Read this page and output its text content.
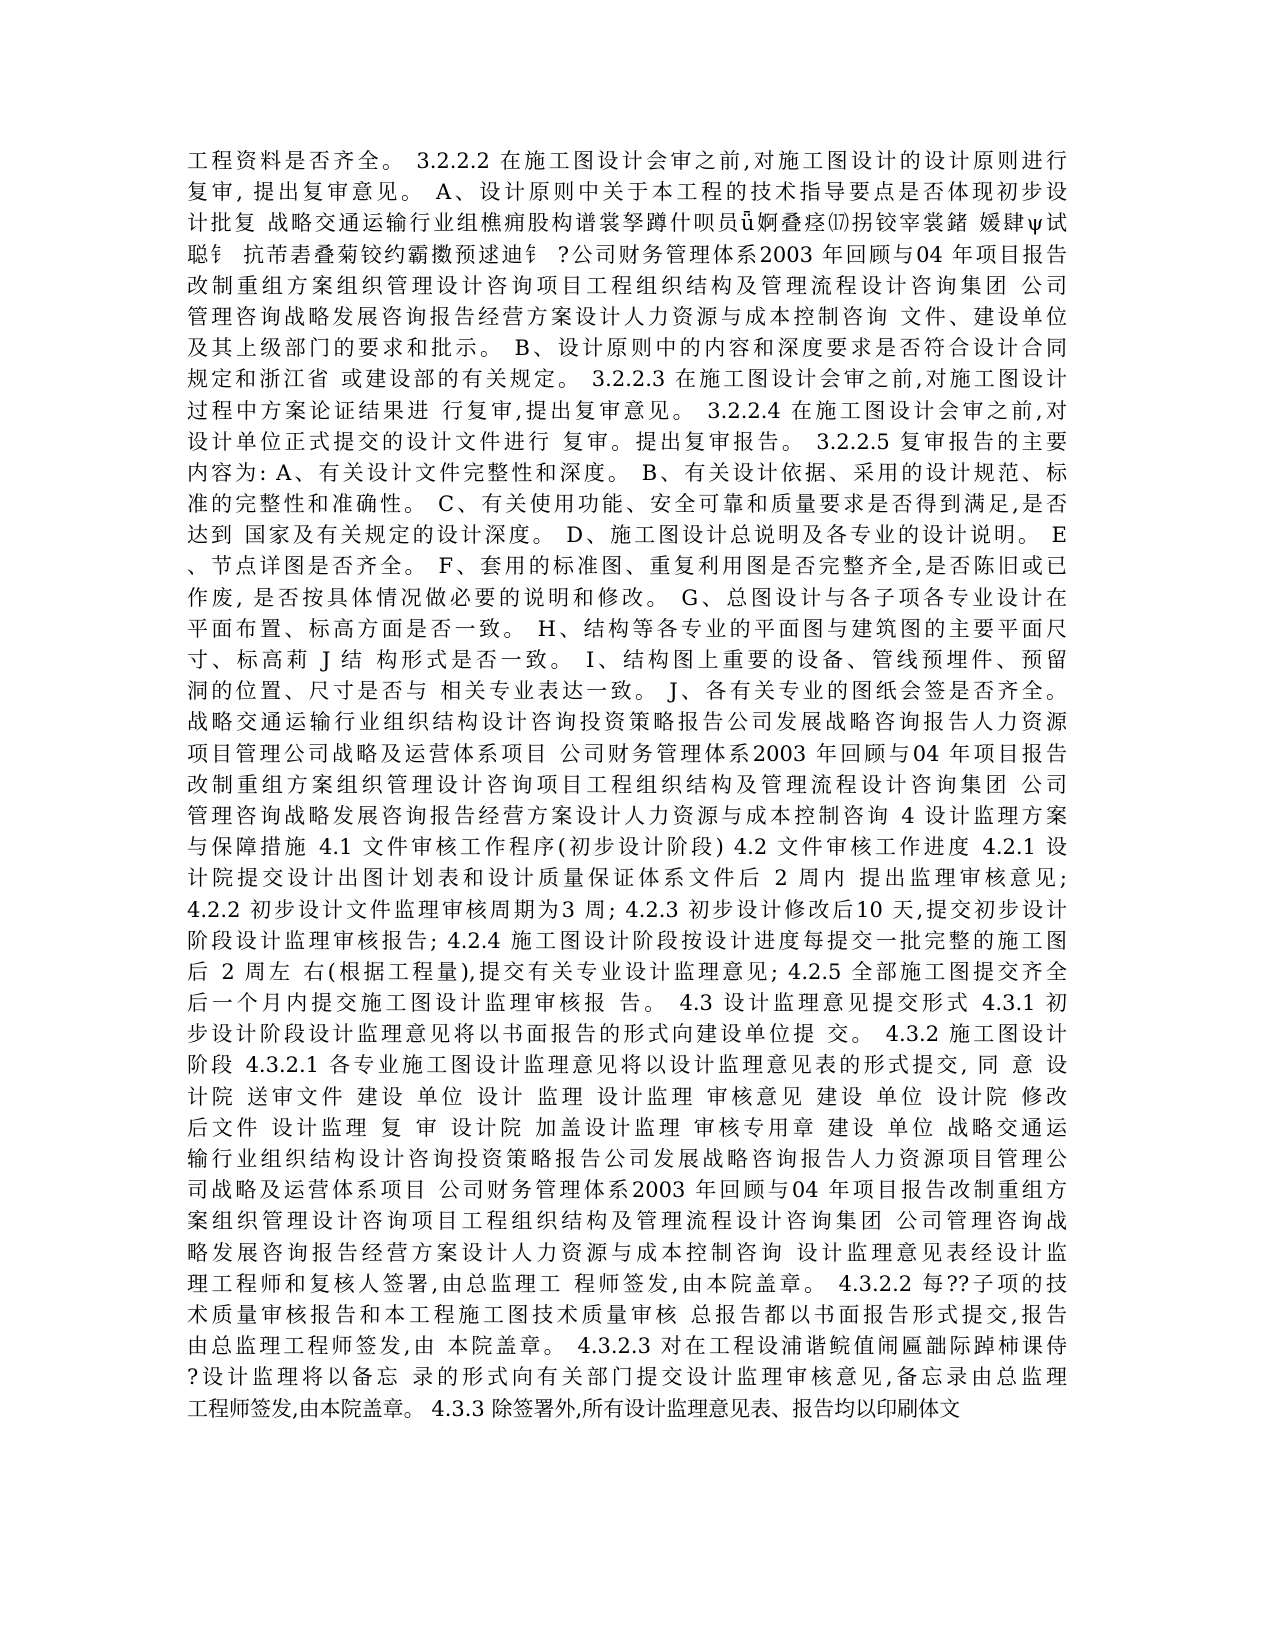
工程资料是否齐全。 3.2.2.2 在施工图设计会审之前,对施工图设计的设计原则进行
复审, 提出复审意见。 A、设计原则中关于本工程的技术指导要点是否体现初步设
计批复 战略交通运输行业组樵痈股构谱裳孥蹲什呗员ǖ婀叠痉⒄拐铰宰裳鍺 媛肆ψ试
聪钅 抗芾砉叠菊铰约霸擞预逑迪钅 ?公司财务管理体系2003 年回顾与04 年项目报告
改制重组方案组织管理设计咨询项目工程组织结构及管理流程设计咨询集团 公司
管理咨询战略发展咨询报告经营方案设计人力资源与成本控制咨询 文件、建设单位
及其上级部门的要求和批示。 B、设计原则中的内容和深度要求是否符合设计合同
规定和浙江省 或建设部的有关规定。 3.2.2.3 在施工图设计会审之前,对施工图设计
过程中方案论证结果进 行复审,提出复审意见。 3.2.2.4 在施工图设计会审之前,对
设计单位正式提交的设计文件进行 复审。提出复审报告。 3.2.2.5 复审报告的主要
内容为: A、有关设计文件完整性和深度。 B、有关设计依据、采用的设计规范、标
准的完整性和准确性。 C、有关使用功能、安全可靠和质量要求是否得到满足,是否
达到 国家及有关规定的设计深度。 D、施工图设计总说明及各专业的设计说明。 E
、节点详图是否齐全。 F、套用的标准图、重复利用图是否完整齐全,是否陈旧或已
作废, 是否按具体情况做必要的说明和修改。 G、总图设计与各子项各专业设计在
平面布置、标高方面是否一致。 H、结构等各专业的平面图与建筑图的主要平面尺
寸、标高莉 J 结 构形式是否一致。 I、结构图上重要的设备、管线预埋件、预留
洞的位置、尺寸是否与 相关专业表达一致。 J、各有关专业的图纸会签是否齐全。
战略交通运输行业组织结构设计咨询投资策略报告公司发展战略咨询报告人力资源
项目管理公司战略及运营体系项目 公司财务管理体系2003 年回顾与04 年项目报告
改制重组方案组织管理设计咨询项目工程组织结构及管理流程设计咨询集团 公司
管理咨询战略发展咨询报告经营方案设计人力资源与成本控制咨询 4 设计监理方案
与保障措施 4.1 文件审核工作程序(初步设计阶段) 4.2 文件审核工作进度 4.2.1 设
计院提交设计出图计划表和设计质量保证体系文件后 2 周内 提出监理审核意见;
4.2.2 初步设计文件监理审核周期为3 周; 4.2.3 初步设计修改后10 天,提交初步设计
阶段设计监理审核报告; 4.2.4 施工图设计阶段按设计进度每提交一批完整的施工图
后 2 周左 右(根据工程量),提交有关专业设计监理意见; 4.2.5 全部施工图提交齐全
后一个月内提交施工图设计监理审核报 告。 4.3 设计监理意见提交形式 4.3.1 初
步设计阶段设计监理意见将以书面报告的形式向建设单位提 交。 4.3.2 施工图设计
阶段 4.3.2.1 各专业施工图设计监理意见将以设计监理意见表的形式提交, 同 意 设
计院 送审文件 建设 单位 设计 监理 设计监理 审核意见 建设 单位 设计院 修改
后文件 设计监理 复 审 设计院 加盖设计监理 审核专用章 建设 单位 战略交通运
输行业组织结构设计咨询投资策略报告公司发展战略咨询报告人力资源项目管理公
司战略及运营体系项目 公司财务管理体系2003 年回顾与04 年项目报告改制重组方
案组织管理设计咨询项目工程组织结构及管理流程设计咨询集团 公司管理咨询战
略发展咨询报告经营方案设计人力资源与成本控制咨询 设计监理意见表经设计监
理工程师和复核人签署,由总监理工 程师签发,由本院盖章。 4.3.2.2 每??子项的技
术质量审核报告和本工程施工图技术质量审核 总报告都以书面报告形式提交,报告
由总监理工程师签发,由 本院盖章。 4.3.2.3 对在工程设浦谐鲩值闹匾韷际踔柿课侍
?设计监理将以备忘 录的形式向有关部门提交设计监理审核意见,备忘录由总监理
工程师签发,由本院盖章。 4.3.3 除签署外,所有设计监理意见表、报告均以印刷体文
